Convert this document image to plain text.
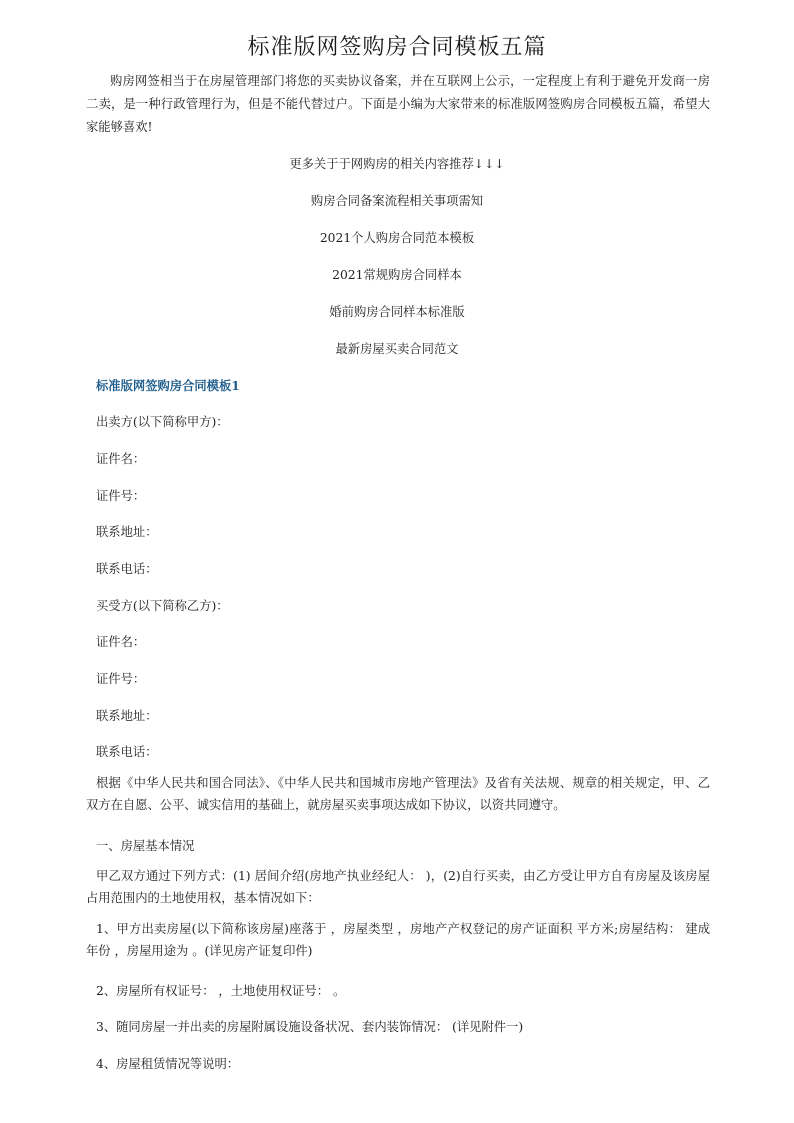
标准版网签购房合同模板五篇

购房网签相当于在房屋管理部门将您的买卖协议备案，并在互联网上公示，一定程度上有利于避免开发商一房二卖，是一种行政管理行为，但是不能代替过户。下面是小编为大家带来的标准版网签购房合同模板五篇，希望大家能够喜欢!

更多关于于网购房的相关内容推荐↓↓↓
购房合同备案流程相关事项需知
2021个人购房合同范本模板
2021常规购房合同样本
婚前购房合同样本标准版
最新房屋买卖合同范文
标准版网签购房合同模板1
出卖方(以下简称甲方)：
证件名：
证件号：
联系地址：
联系电话：
买受方(以下简称乙方)：
证件名：
证件号：
联系地址：
联系电话：

根据《中华人民共和国合同法》、《中华人民共和国城市房地产管理法》及省有关法规、规章的相关规定，甲、乙双方在自愿、公平、诚实信用的基础上，就房屋买卖事项达成如下协议，以资共同遵守。

一、房屋基本情况

甲乙双方通过下列方式：(1) 居间介绍(房地产执业经纪人： )，(2)自行买卖，由乙方受让甲方自有房屋及该房屋占用范围内的土地使用权，基本情况如下：

1、甲方出卖房屋(以下简称该房屋)座落于 ，房屋类型 ，房地产产权登记的房产证面积 平方米;房屋结构： 建成年份 ，房屋用途为 。(详见房产证复印件)

2、房屋所有权证号： ，土地使用权证号： 。

3、随同房屋一并出卖的房屋附属设施设备状况、套内装饰情况： (详见附件一)

4、房屋租赁情况等说明：
